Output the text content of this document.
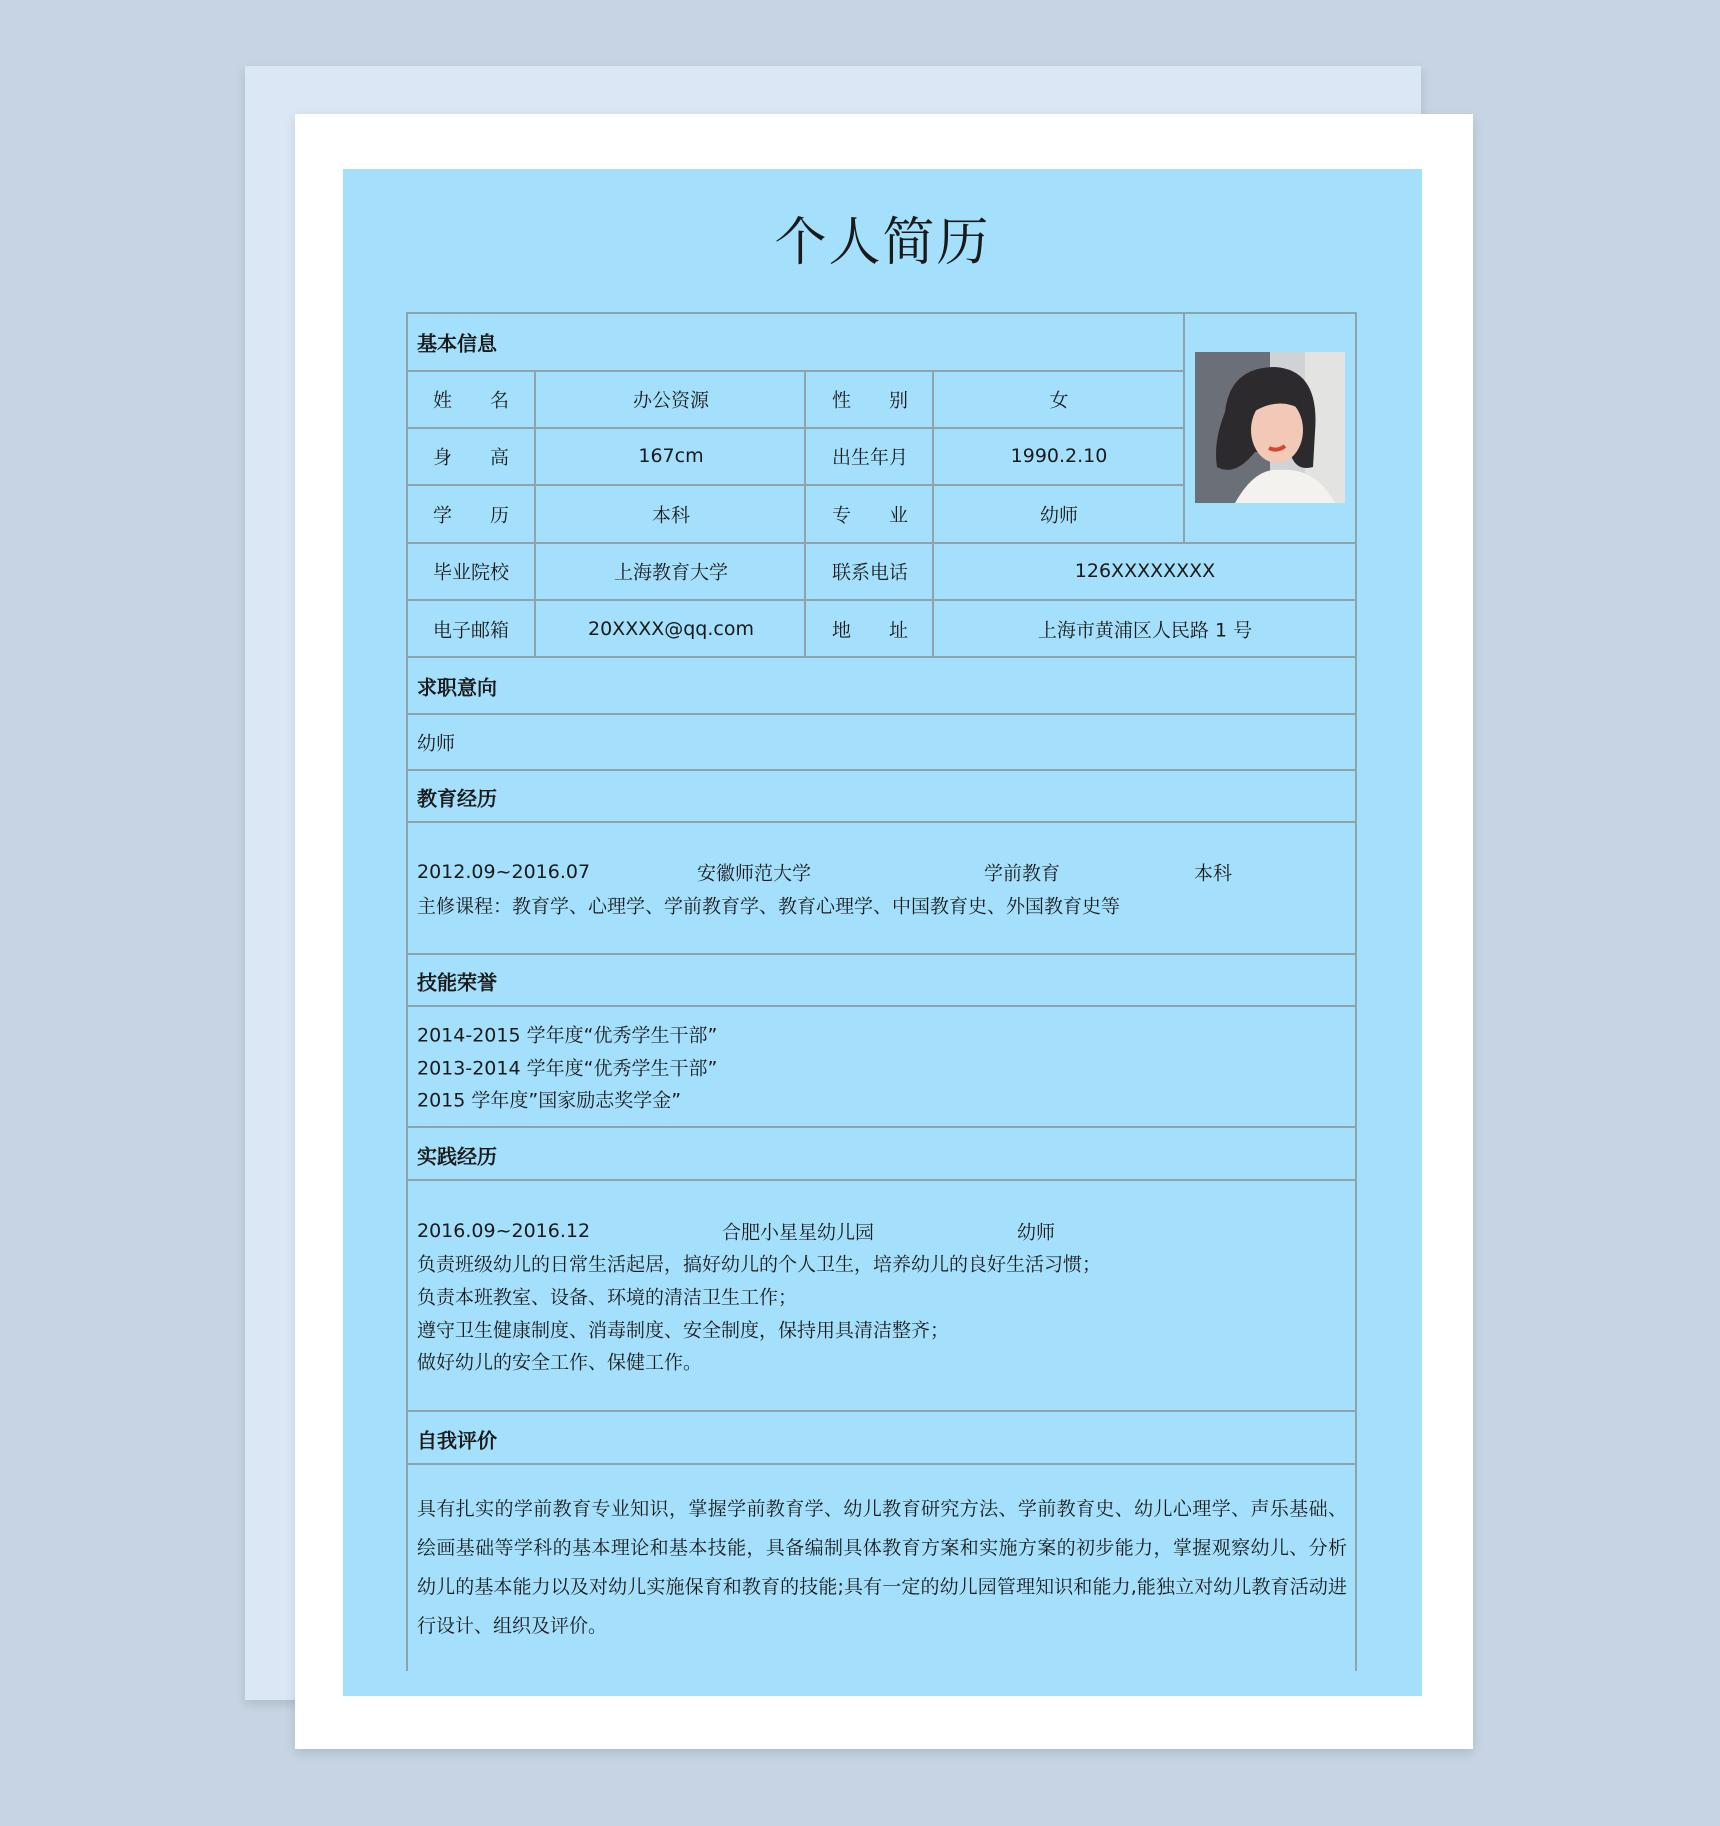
个人简历
基本信息
姓　　名	办公资源	性　　别	女
身　　高	167cm	出生年月	1990.2.10
学　　历	本科	专　　业	幼师
毕业院校	上海教育大学	联系电话	126XXXXXXXX
电子邮箱	20XXXX@qq.com	地　　址	上海市黄浦区人民路 1 号
求职意向
幼师
教育经历
2012.09~2016.07	安徽师范大学	学前教育	本科
主修课程：教育学、心理学、学前教育学、教育心理学、中国教育史、外国教育史等
技能荣誉
2014-2015 学年度“优秀学生干部”
2013-2014 学年度“优秀学生干部”
2015 学年度”国家励志奖学金”
实践经历
2016.09~2016.12	合肥小星星幼儿园	幼师
负责班级幼儿的日常生活起居，搞好幼儿的个人卫生，培养幼儿的良好生活习惯；
负责本班教室、设备、环境的清洁卫生工作；
遵守卫生健康制度、消毒制度、安全制度，保持用具清洁整齐；
做好幼儿的安全工作、保健工作。
自我评价
具有扎实的学前教育专业知识，掌握学前教育学、幼儿教育研究方法、学前教育史、幼儿心理学、声乐基础、绘画基础等学科的基本理论和基本技能，具备编制具体教育方案和实施方案的初步能力，掌握观察幼儿、分析幼儿的基本能力以及对幼儿实施保育和教育的技能;具有一定的幼儿园管理知识和能力,能独立对幼儿教育活动进行设计、组织及评价。
